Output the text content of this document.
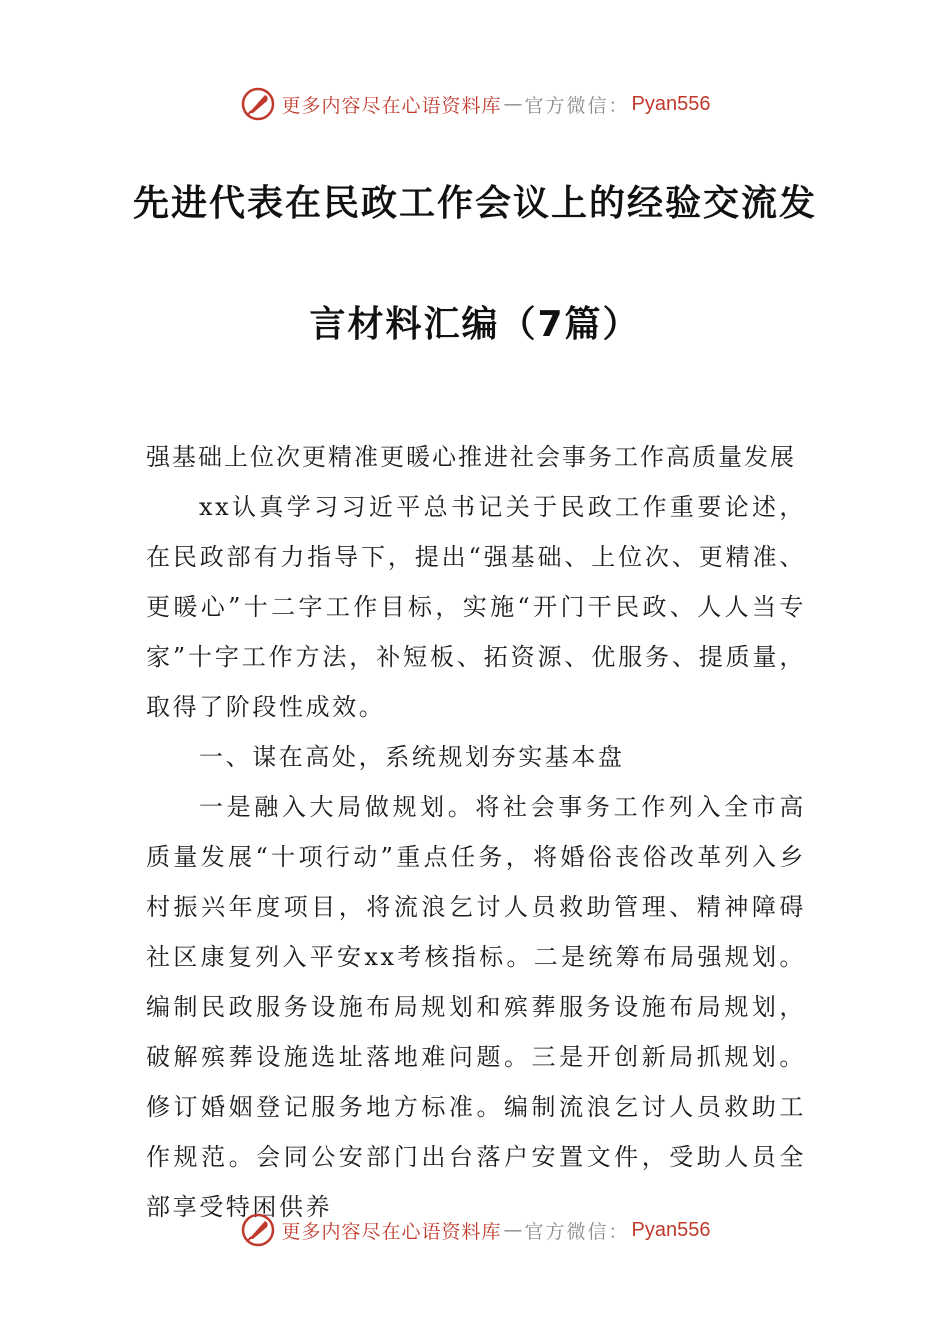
更多内容尽在心语资料库 — 官方微信： Pyan556
先进代表在民政工作会议上的经验交流发
言材料汇编（7篇）

强基础上位次更精准更暖心推进社会事务工作高质量发展

xx认真学习习近平总书记关于民政工作重要论述，在民政部有力指导下，提出“强基础、上位次、更精准、更暖心”十二字工作目标，实施“开门干民政、人人当专家”十字工作方法，补短板、拓资源、优服务、提质量，取得了阶段性成效。

一、谋在高处，系统规划夯实基本盘

一是融入大局做规划。将社会事务工作列入全市高质量发展“十项行动”重点任务，将婚俗丧俗改革列入乡村振兴年度项目，将流浪乞讨人员救助管理、精神障碍社区康复列入平安xx考核指标。二是统筹布局强规划。编制民政服务设施布局规划和殡葬服务设施布局规划，破解殡葬设施选址落地难问题。三是开创新局抓规划。修订婚姻登记服务地方标准。编制流浪乞讨人员救助工作规范。会同公安部门出台落户安置文件，受助人员全部享受特困供养

更多内容尽在心语资料库 — 官方微信： Pyan556
